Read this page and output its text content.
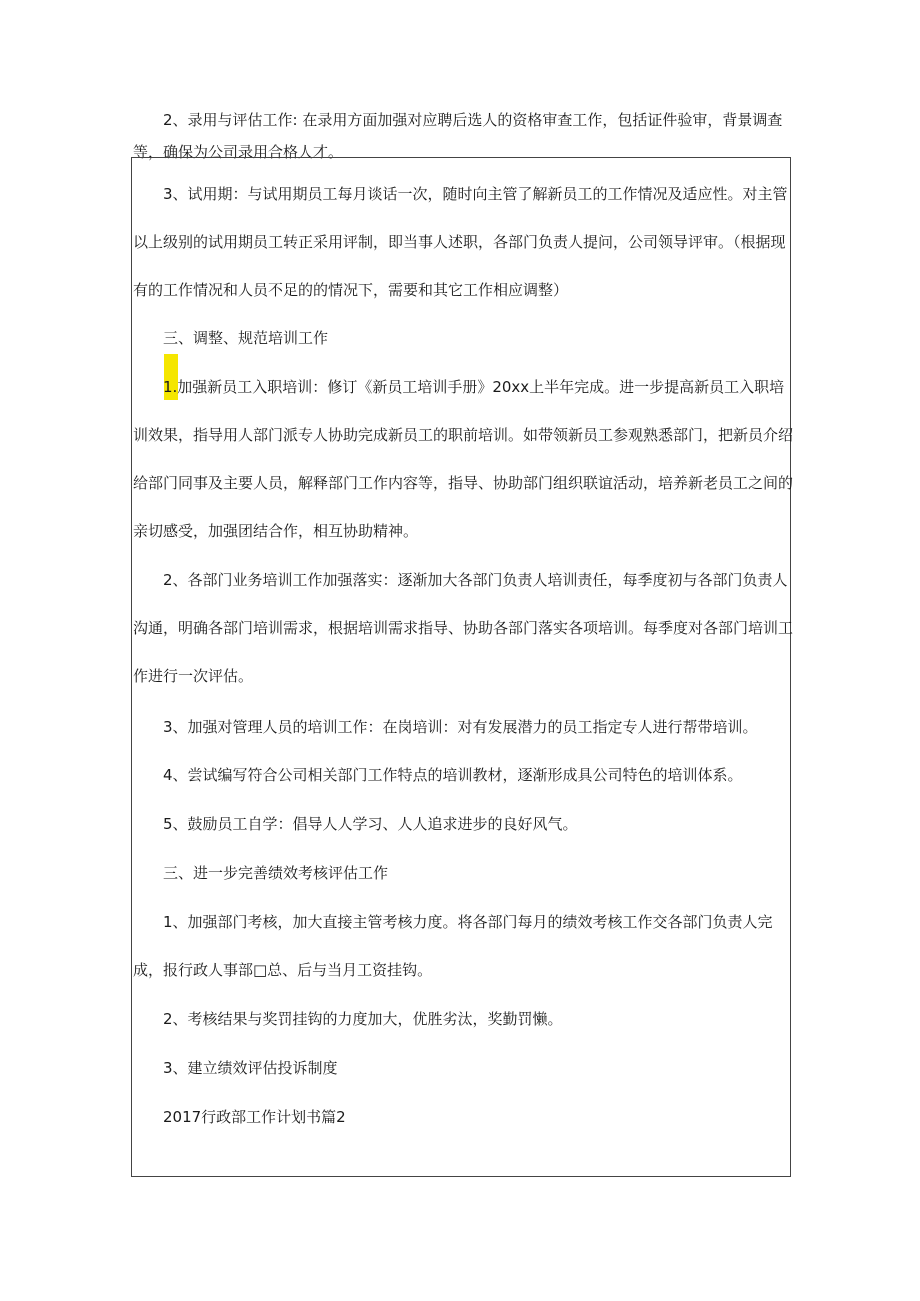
2、录用与评估工作: 在录用方面加强对应聘后选人的资格审查工作，包括证件验审，背景调查等，确保为公司录用合格人才。

3、试用期：与试用期员工每月谈话一次，随时向主管了解新员工的工作情况及适应性。对主管以上级别的试用期员工转正采用评制，即当事人述职，各部门负责人提问，公司领导评审。（根据现有的工作情况和人员不足的的情况下，需要和其它工作相应调整）

三、调整、规范培训工作

1.加强新员工入职培训：修订《新员工培训手册》20xx上半年完成。进一步提高新员工入职培训效果，指导用人部门派专人协助完成新员工的职前培训。如带领新员工参观熟悉部门，把新员介绍给部门同事及主要人员，解释部门工作内容等，指导、协助部门组织联谊活动，培养新老员工之间的亲切感受，加强团结合作，相互协助精神。

2、各部门业务培训工作加强落实：逐渐加大各部门负责人培训责任，每季度初与各部门负责人沟通，明确各部门培训需求，根据培训需求指导、协助各部门落实各项培训。每季度对各部门培训工作进行一次评估。

3、加强对管理人员的培训工作：在岗培训：对有发展潜力的员工指定专人进行帮带培训。

4、尝试编写符合公司相关部门工作特点的培训教材，逐渐形成具公司特色的培训体系。

5、鼓励员工自学：倡导人人学习、人人追求进步的良好风气。

三、进一步完善绩效考核评估工作

1、加强部门考核，加大直接主管考核力度。将各部门每月的绩效考核工作交各部门负责人完成，报行政人事部□总、后与当月工资挂钩。

2、考核结果与奖罚挂钩的力度加大，优胜劣汰，奖勤罚懒。

3、建立绩效评估投诉制度

2017行政部工作计划书篇2
